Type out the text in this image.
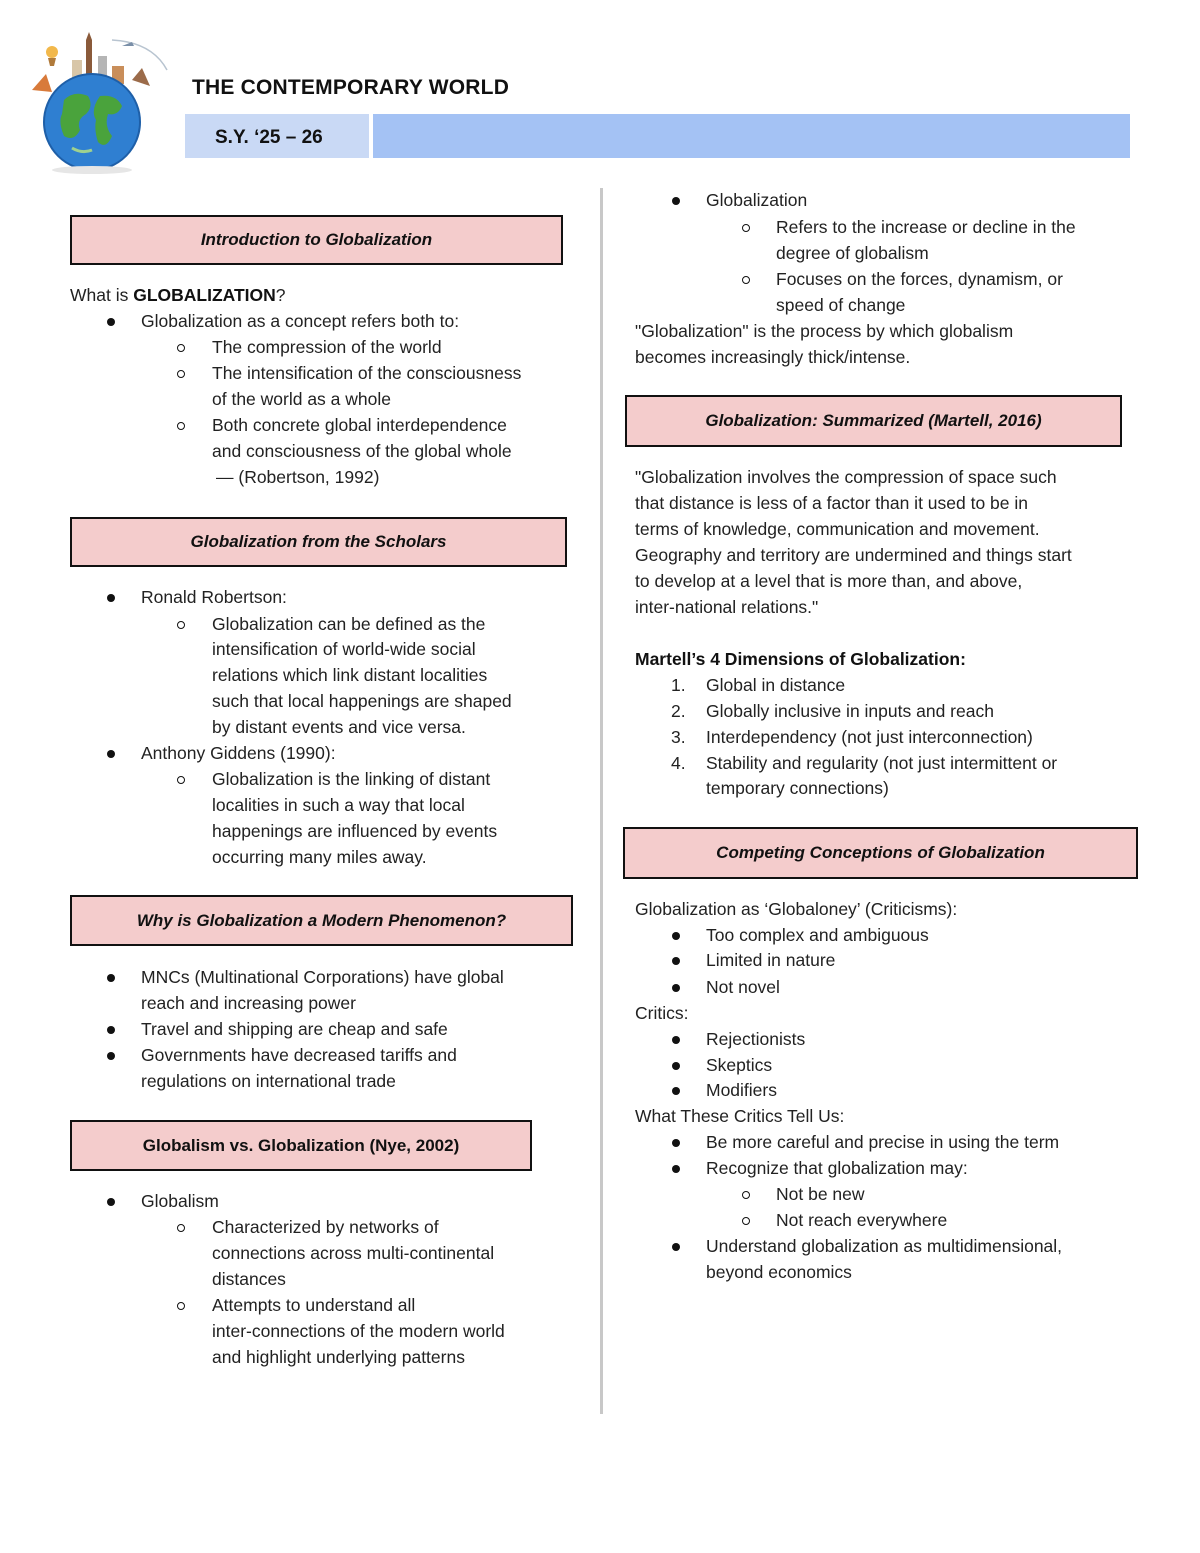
THE CONTEMPORARY WORLD
S.Y. ‘25 – 26
Introduction to Globalization
What is GLOBALIZATION?
Globalization as a concept refers both to:
The compression of the world
The intensification of the consciousness
of the world as a whole
Both concrete global interdependence
and consciousness of the global whole
— (Robertson, 1992)
Globalization from the Scholars
Ronald Robertson:
Globalization can be defined as the
intensification of world-wide social
relations which link distant localities
such that local happenings are shaped
by distant events and vice versa.
Anthony Giddens (1990):
Globalization is the linking of distant
localities in such a way that local
happenings are influenced by events
occurring many miles away.
Why is Globalization a Modern Phenomenon?
MNCs (Multinational Corporations) have global
reach and increasing power
Travel and shipping are cheap and safe
Governments have decreased tariffs and
regulations on international trade
Globalism vs. Globalization (Nye, 2002)
Globalism
Characterized by networks of
connections across multi-continental
distances
Attempts to understand all
inter-connections of the modern world
and highlight underlying patterns
Globalization
Refers to the increase or decline in the
degree of globalism
Focuses on the forces, dynamism, or
speed of change
"Globalization" is the process by which globalism
becomes increasingly thick/intense.
Globalization: Summarized (Martell, 2016)
"Globalization involves the compression of space such
that distance is less of a factor than it used to be in
terms of knowledge, communication and movement.
Geography and territory are undermined and things start
to develop at a level that is more than, and above,
inter-national relations."
Martell’s 4 Dimensions of Globalization:
1. Global in distance
2. Globally inclusive in inputs and reach
3. Interdependency (not just interconnection)
4. Stability and regularity (not just intermittent or
temporary connections)
Competing Conceptions of Globalization
Globalization as ‘Globaloney’ (Criticisms):
Too complex and ambiguous
Limited in nature
Not novel
Critics:
Rejectionists
Skeptics
Modifiers
What These Critics Tell Us:
Be more careful and precise in using the term
Recognize that globalization may:
Not be new
Not reach everywhere
Understand globalization as multidimensional,
beyond economics
